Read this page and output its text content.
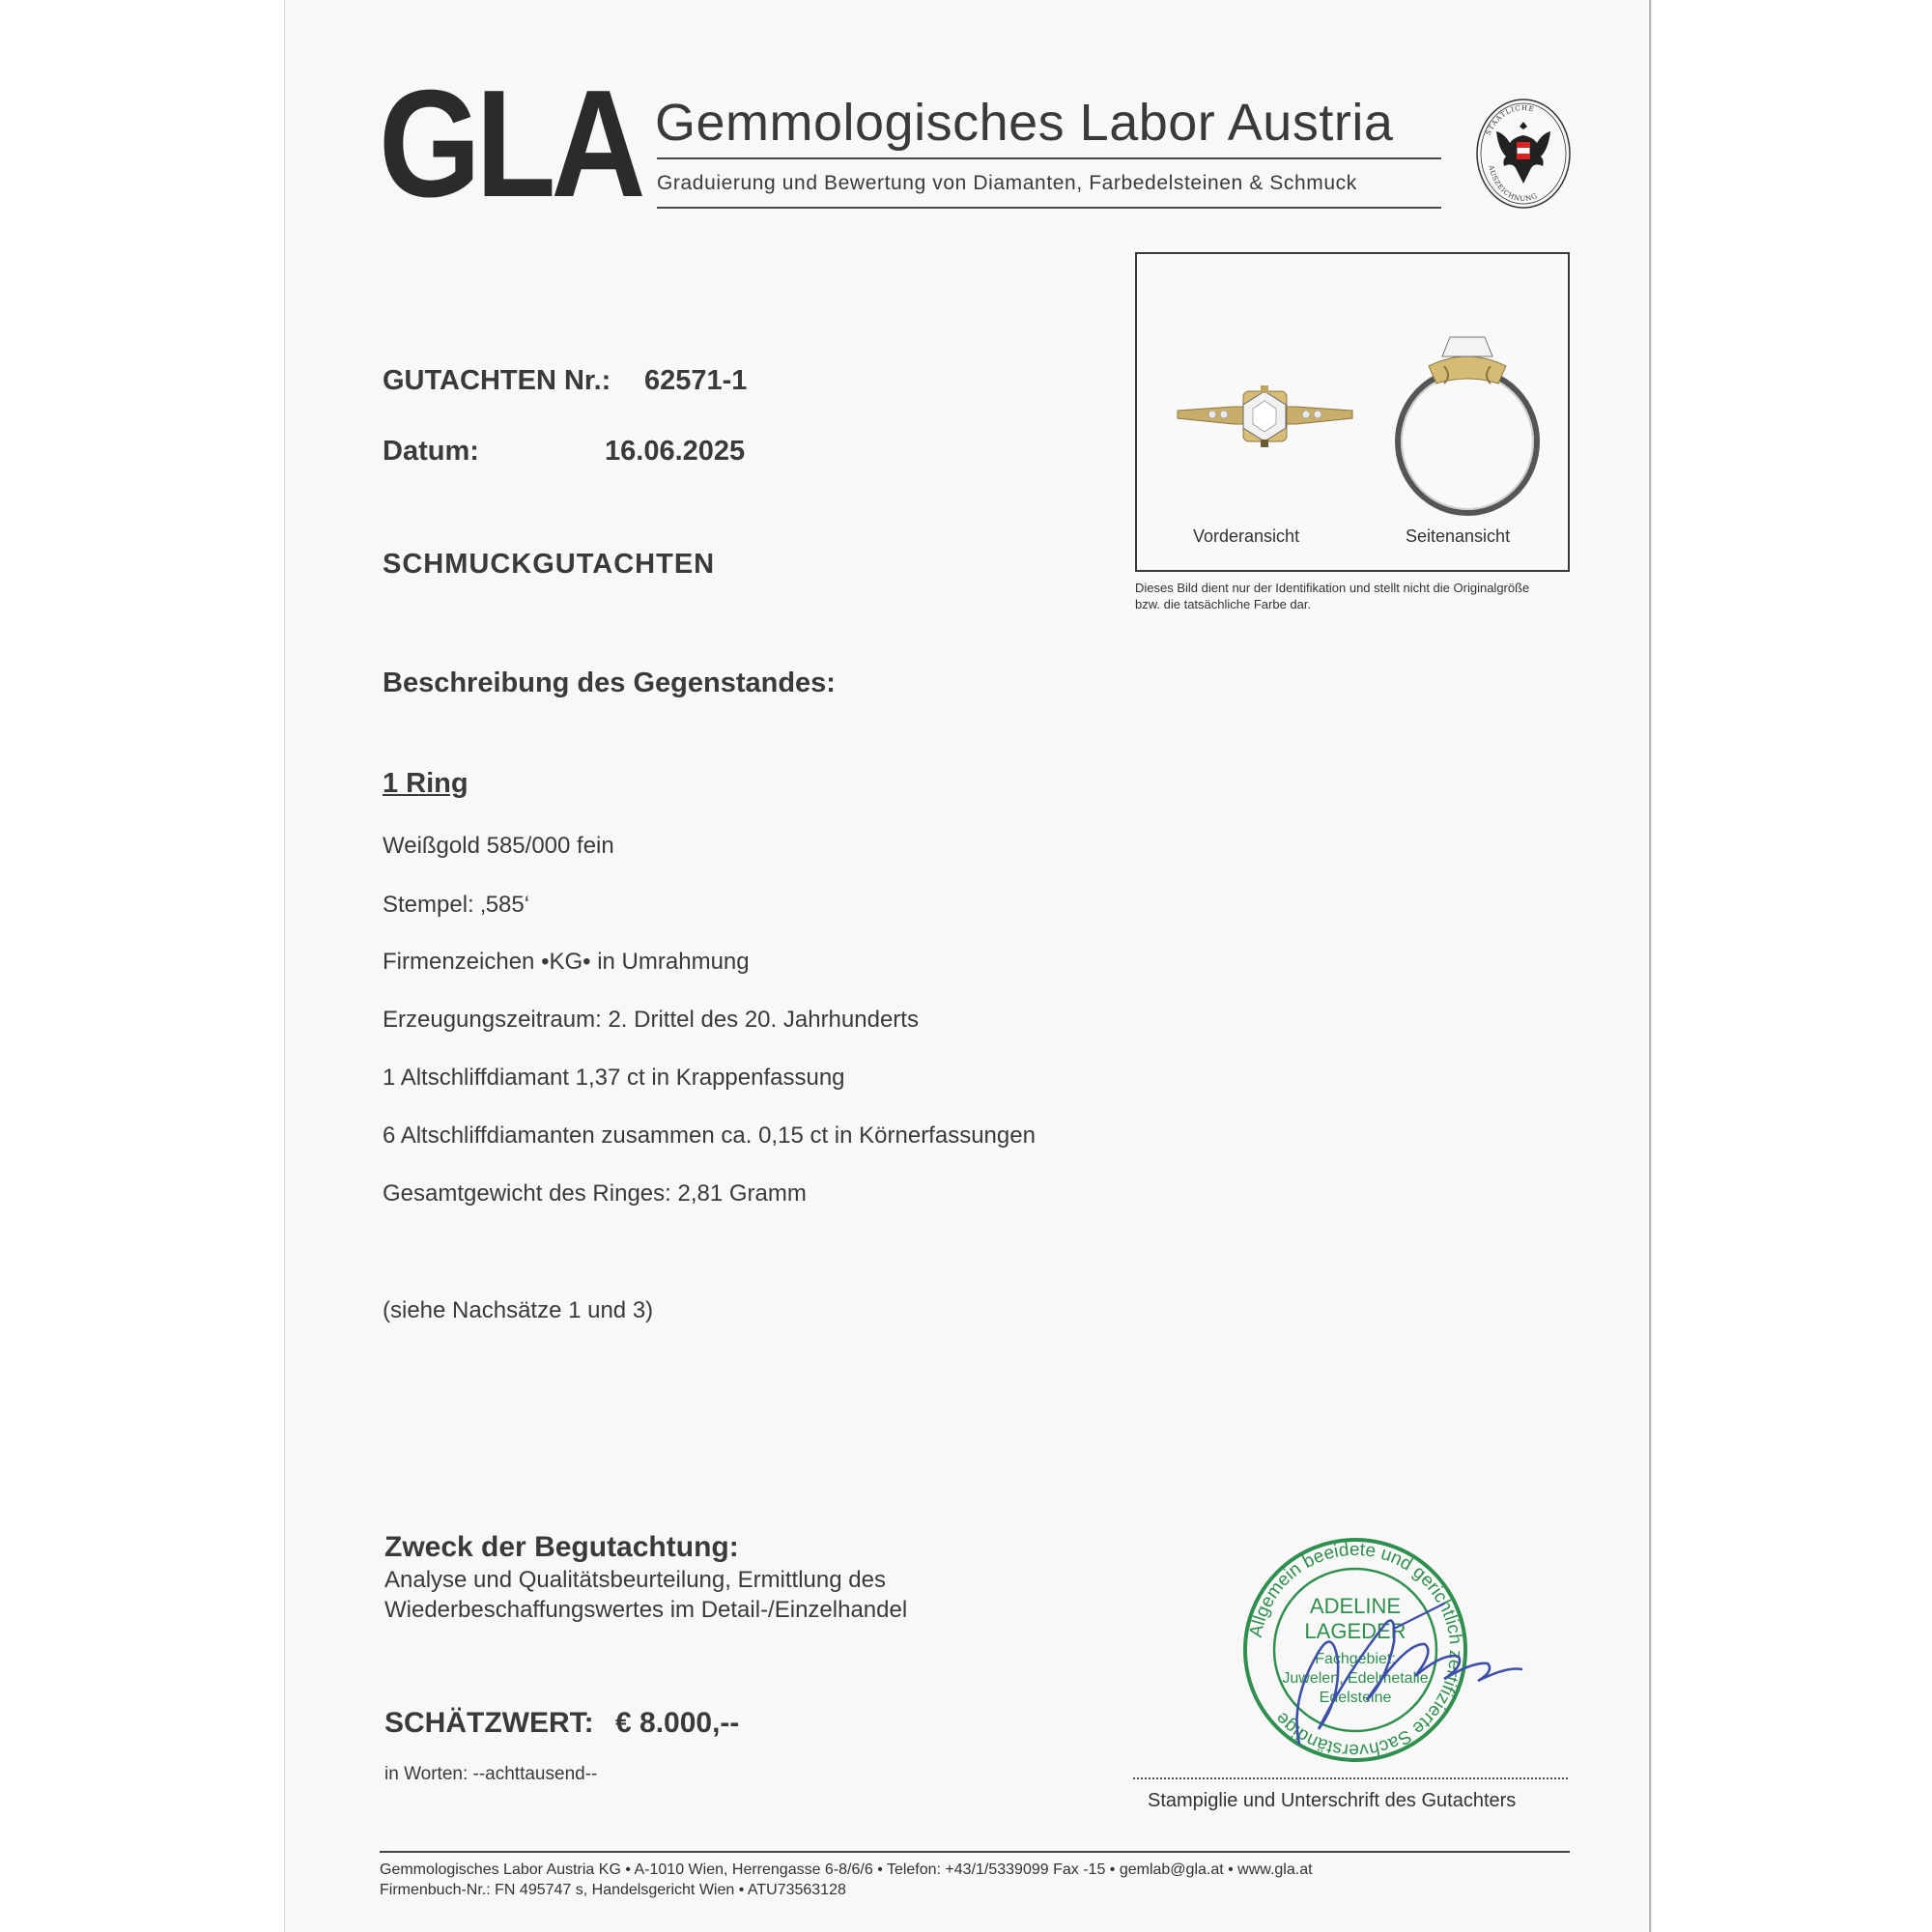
GLA Gemmologisches Labor Austria
Graduierung und Bewertung von Diamanten, Farbedelsteinen & Schmuck
STAATLICHE
AUSZEICHNUNG
GUTACHTEN Nr.: 62571-1
Datum:	16.06.2025
SCHMUCKGUTACHTEN
Vorderansicht	Seitenansicht
Dieses Bild dient nur der Identifikation und stellt nicht die Originalgröße bzw. die tatsächliche Farbe dar.
Beschreibung des Gegenstandes:
1 Ring
Weißgold 585/000 fein
Stempel: ‚585‘
Firmenzeichen •KG• in Umrahmung
Erzeugungszeitraum: 2. Drittel des 20. Jahrhunderts
1 Altschliffdiamant 1,37 ct in Krappenfassung
6 Altschliffdiamanten zusammen ca. 0,15 ct in Körnerfassungen
Gesamtgewicht des Ringes: 2,81 Gramm
(siehe Nachsätze 1 und 3)
Zweck der Begutachtung:
Analyse und Qualitätsbeurteilung, Ermittlung des
Wiederbeschaffungswertes im Detail-/Einzelhandel
SCHÄTZWERT: € 8.000,--
in Worten: --achttausend--
Allgemein beeidete und gerichtlich zertifizierte Sachverständige
ADELINE
LAGEDER
Fachgebiet:
Juwelen, Edelmetalle
Edelsteine
Stampiglie und Unterschrift des Gutachters
Gemmologisches Labor Austria KG • A-1010 Wien, Herrengasse 6-8/6/6 • Telefon: +43/1/5339099 Fax -15 • gemlab@gla.at • www.gla.at
Firmenbuch-Nr.: FN 495747 s, Handelsgericht Wien • ATU73563128
